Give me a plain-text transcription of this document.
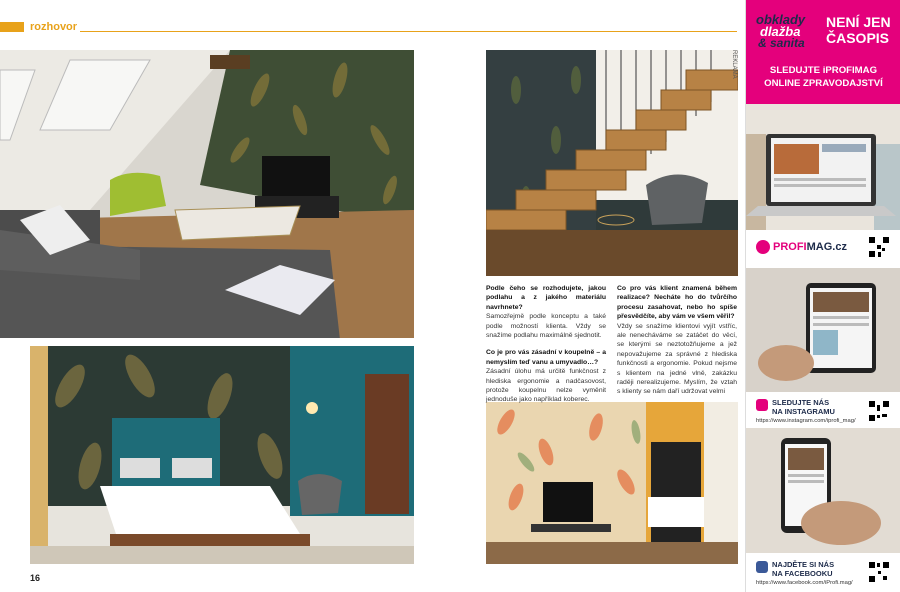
rozhovor
REKLAMA
Podle čeho se rozhodujete, jakou podlahu a z jakého materiálu navrhnete?
Samozřejmě podle konceptu a také podle možností klienta. Vždy se snažíme podlahu maximálně sjednotit.
Co je pro vás zásadní v koupelně – a nemyslím teď vanu a umyvadlo…?
Zásadní úlohu má určitě funkčnost z hlediska ergonomie a nadčasovost, protože koupelnu nelze vyměnit jednoduše jako například koberec.
Co pro vás klient znamená během realizace? Necháte ho do tvůrčího procesu zasahovat, nebo ho spíše přesvědčíte, aby vám ve všem věřil?
Vždy se snažíme klientovi vyjít vstříc, ale nenecháváme se zatáčet do věcí, se kterými se neztotožňujeme a jež nepovažujeme za správné z hlediska funkčnosti a ergonomie. Pokud nejsme s klientem na jedné vlně, zakázku raději nerealizujeme. Myslím, že vztah s klienty se nám daří udržovat velmi
16
obklady
dlažba
& sanita
NENÍ JEN
ČASOPIS
SLEDUJTE iPROFIMAG
ONLINE ZPRAVODAJSTVÍ
PROFIMAG.cz
SLEDUJTE NÁS
NA INSTAGRAMU
https://www.instagram.com/iprofi_mag/
NAJDĚTE SI NÁS
NA FACEBOOKU
https://www.facebook.com/iProfi.mag/
